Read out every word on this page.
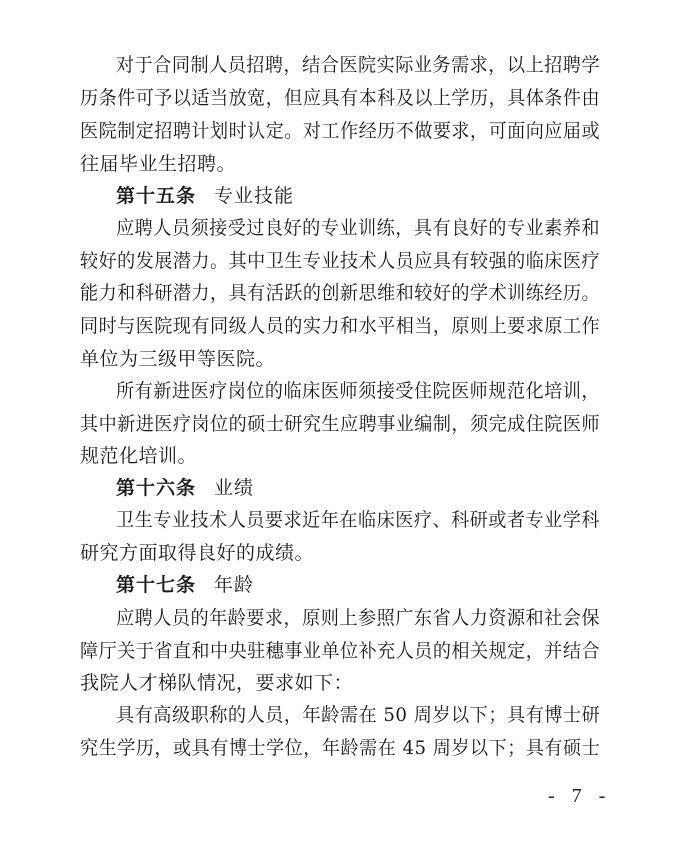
对于合同制人员招聘，结合医院实际业务需求，以上招聘学
历条件可予以适当放宽，但应具有本科及以上学历，具体条件由
医院制定招聘计划时认定。对工作经历不做要求，可面向应届或
往届毕业生招聘。
第十五条 专业技能
应聘人员须接受过良好的专业训练，具有良好的专业素养和
较好的发展潜力。其中卫生专业技术人员应具有较强的临床医疗
能力和科研潜力，具有活跃的创新思维和较好的学术训练经历。
同时与医院现有同级人员的实力和水平相当，原则上要求原工作
单位为三级甲等医院。
所有新进医疗岗位的临床医师须接受住院医师规范化培训，
其中新进医疗岗位的硕士研究生应聘事业编制，须完成住院医师
规范化培训。
第十六条 业绩
卫生专业技术人员要求近年在临床医疗、科研或者专业学科
研究方面取得良好的成绩。
第十七条 年龄
应聘人员的年龄要求，原则上参照广东省人力资源和社会保
障厅关于省直和中央驻穗事业单位补充人员的相关规定，并结合
我院人才梯队情况，要求如下：
具有高级职称的人员，年龄需在 50 周岁以下；具有博士研
究生学历，或具有博士学位，年龄需在 45 周岁以下；具有硕士
- 7 -
